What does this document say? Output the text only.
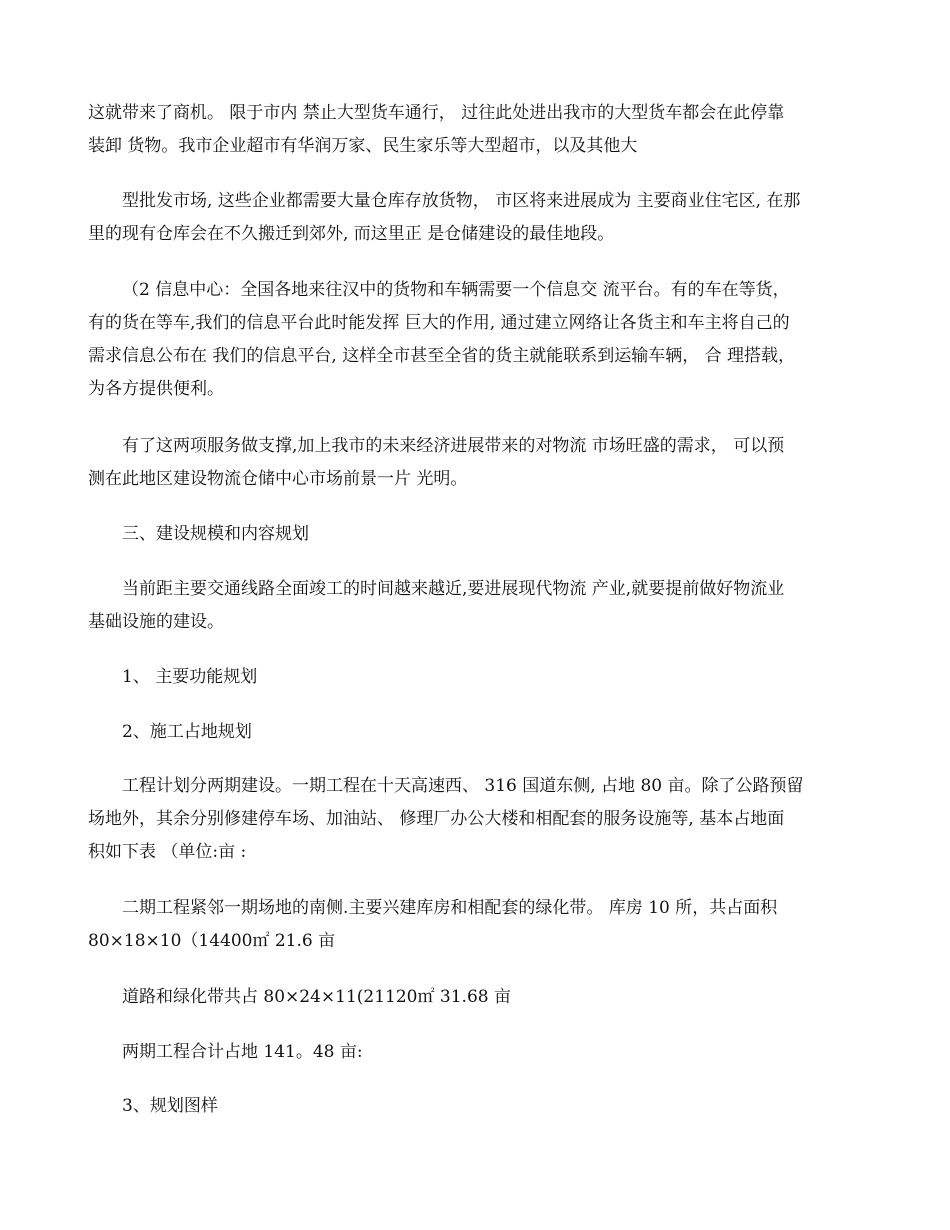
这就带来了商机。 限于市内 禁止大型货车通行， 过往此处进出我市的大型货车都会在此停靠
装卸 货物。我市企业超市有华润万家、民生家乐等大型超市，以及其他大
型批发市场, 这些企业都需要大量仓库存放货物， 市区将来进展成为 主要商业住宅区, 在那
里的现有仓库会在不久搬迁到郊外, 而这里正 是仓储建设的最佳地段。
（2 信息中心：全国各地来往汉中的货物和车辆需要一个信息交 流平台。有的车在等货，
有的货在等车,我们的信息平台此时能发挥 巨大的作用, 通过建立网络让各货主和车主将自己的
需求信息公布在 我们的信息平台, 这样全市甚至全省的货主就能联系到运输车辆， 合 理搭载，
为各方提供便利。
有了这两项服务做支撑,加上我市的未来经济进展带来的对物流 市场旺盛的需求， 可以预
测在此地区建设物流仓储中心市场前景一片 光明。
三、建设规模和内容规划
当前距主要交通线路全面竣工的时间越来越近,要进展现代物流 产业,就要提前做好物流业
基础设施的建设。
1、 主要功能规划
2、施工占地规划
工程计划分两期建设。一期工程在十天高速西、 316 国道东侧, 占地 80 亩。除了公路预留
场地外，其余分别修建停车场、加油站、 修理厂办公大楼和相配套的服务设施等, 基本占地面
积如下表 （单位:亩 :
二期工程紧邻一期场地的南侧.主要兴建库房和相配套的绿化带。 库房 10 所，共占面积
80×18×10（14400㎡ 21.6 亩
道路和绿化带共占 80×24×11(21120㎡ 31.68 亩
两期工程合计占地 141。48 亩:
3、规划图样
